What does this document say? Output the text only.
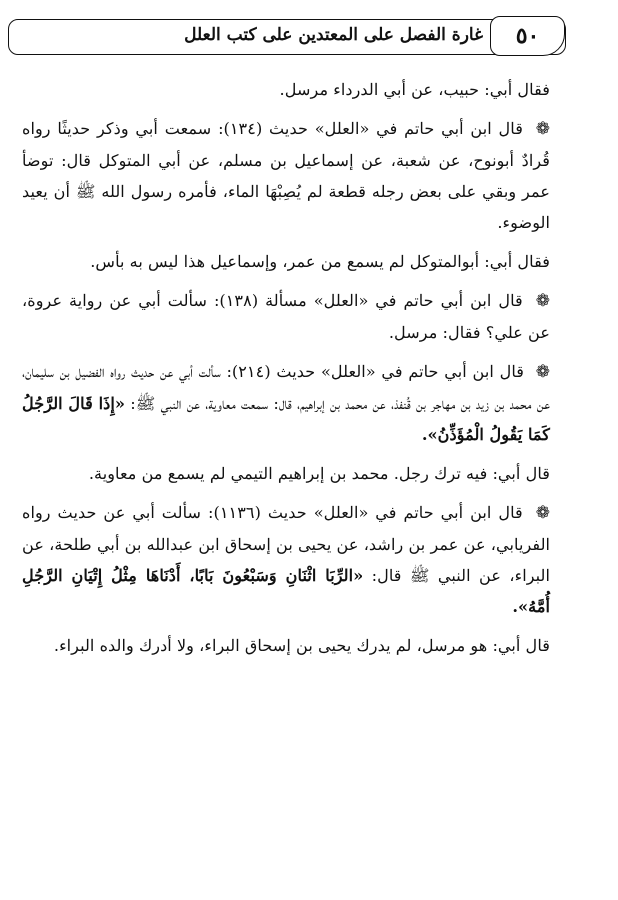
غارة الفصل على المعتدين على كتب العلل	٥٠

فقال أبي: حبيب، عن أبي الدرداء مرسل.

❁ قال ابن أبي حاتم في «العلل» حديث (١٣٤): سمعت أبي وذكر حديثًا رواه قُرادٌ أبونوح، عن شعبة، عن إسماعيل بن مسلم، عن أبي المتوكل قال: توضأ عمر وبقي على بعض رجله قطعة لم يُصِبْهَا الماء، فأمره رسول الله ﷺ أن يعيد الوضوء.

فقال أبي: أبوالمتوكل لم يسمع من عمر، وإسماعيل هذا ليس به بأس.

❁ قال ابن أبي حاتم في «العلل» مسألة (١٣٨): سألت أبي عن رواية عروة، عن علي؟ فقال: مرسل.

❁ قال ابن أبي حاتم في «العلل» حديث (٢١٤): سألت أبي عن حديث رواه الفضيل بن سليمان، عن محمد بن زيد بن مهاجر بن قُنفذ، عن محمد بن إبراهيم، قال: سمعت معاوية، عن النبي ﷺ: «إِذَا قَالَ الرَّجُلُ كَمَا يَقُولُ الْمُؤَذِّنُ».

قال أبي: فيه ترك رجل. محمد بن إبراهيم التيمي لم يسمع من معاوية.

❁ قال ابن أبي حاتم في «العلل» حديث (١١٣٦): سألت أبي عن حديث رواه الفريابي، عن عمر بن راشد، عن يحيى بن إسحاق ابن عبدالله بن أبي طلحة، عن البراء، عن النبي ﷺ قال: «الرِّبَا اثْنَانِ وَسَبْعُونَ بَابًا، أَدْنَاهَا مِثْلُ إِتْيَانِ الرَّجُلِ أُمَّهُ».

قال أبي: هو مرسل، لم يدرك يحيى بن إسحاق البراء، ولا أدرك والده البراء.
